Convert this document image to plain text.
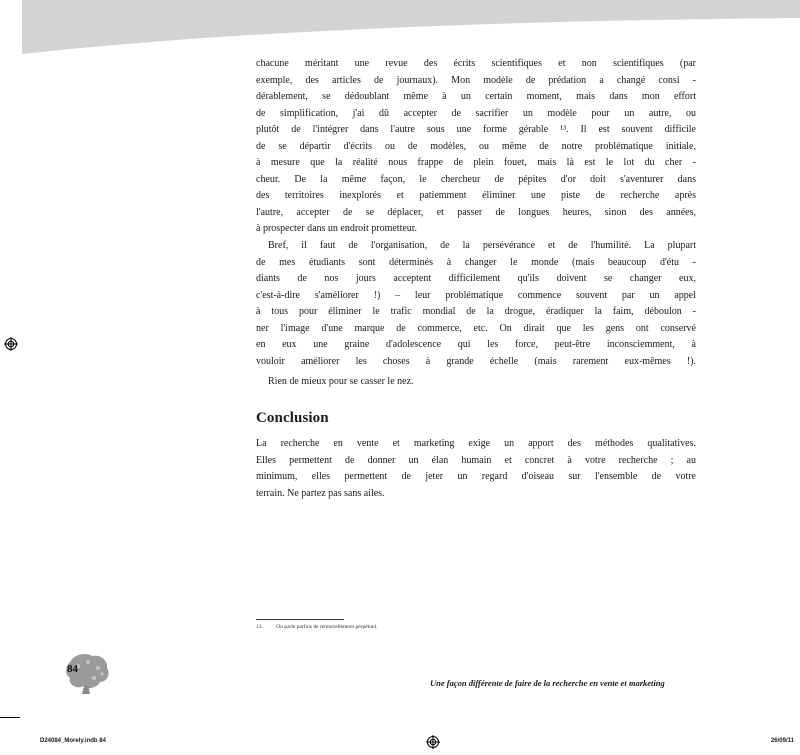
chacune méritant une revue des écrits scientifiques et non scientifiques (par

exemple, des articles de journaux). Mon modèle de prédation a changé consi -

dérablement, se dédoublant même à un certain moment, mais dans mon effort

de simplification, j'ai dû accepter de sacrifier un modèle pour un autre, ou

plutôt de l'intégrer dans l'autre sous une forme gérable ¹³. Il est souvent difficile

de se départir d'écrits ou de modèles, ou même de notre problématique initiale,

à mesure que la réalité nous frappe de plein fouet, mais là est le lot du cher -

cheur. De la même façon, le chercheur de pépites d'or doit s'aventurer dans

des territoires inexplorés et patiemment éliminer une piste de recherche après

l'autre, accepter de se déplacer, et passer de longues heures, sinon des années,

à prospecter dans un endroit prometteur.

Bref, il faut de l'organisation, de la persévérance et de l'humilité. La plupart

de mes étudiants sont déterminés à changer le monde (mais beaucoup d'étu -

diants de nos jours acceptent difficilement qu'ils doivent se changer eux,

c'est-à-dire s'améliorer !) – leur problématique commence souvent par un appel

à tous pour éliminer le trafic mondial de la drogue, éradiquer la faim, déboulon -

ner l'image d'une marque de commerce, etc. On dirait que les gens ont conservé

en eux une graine d'adolescence qui les force, peut-être inconsciemment, à

vouloir améliorer les choses à grande échelle (mais rarement eux-mêmes !).

Rien de mieux pour se casser le nez.

Conclusion

La recherche en vente et marketing exige un apport des méthodes qualitatives.

Elles permettent de donner un élan humain et concret à votre recherche ; au

minimum, elles permettent de jeter un regard d'oiseau sur l'ensemble de votre

terrain. Ne partez pas sans ailes.

13. On parle parfois de renouvellement perpétuel.
84
Une façon différente de faire de la recherche en vente et marketing
D24084_Morely.indb 84	26/09/11
